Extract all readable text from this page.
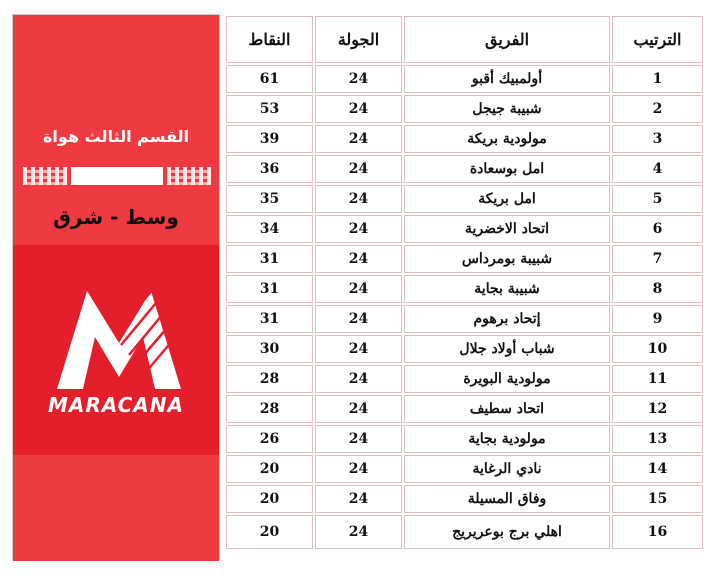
القسم الثالث هواة
وسط - شرق
MARACANA
النقاط	الجولة	الفريق	الترتيب
61	24	أولمبيك أقبو	1
53	24	شبيبة جيجل	2
39	24	مولودية بريكة	3
36	24	امل بوسعادة	4
35	24	امل بريكة	5
34	24	اتحاد الاخضرية	6
31	24	شبيبة بومرداس	7
31	24	شبيبة بجاية	8
31	24	إتحاد برهوم	9
30	24	شباب أولاد جلال	10
28	24	مولودية البويرة	11
28	24	اتحاد سطيف	12
26	24	مولودية بجاية	13
20	24	نادي الرغاية	14
20	24	وفاق المسيلة	15
20	24	اهلي برج بوعريريج	16
